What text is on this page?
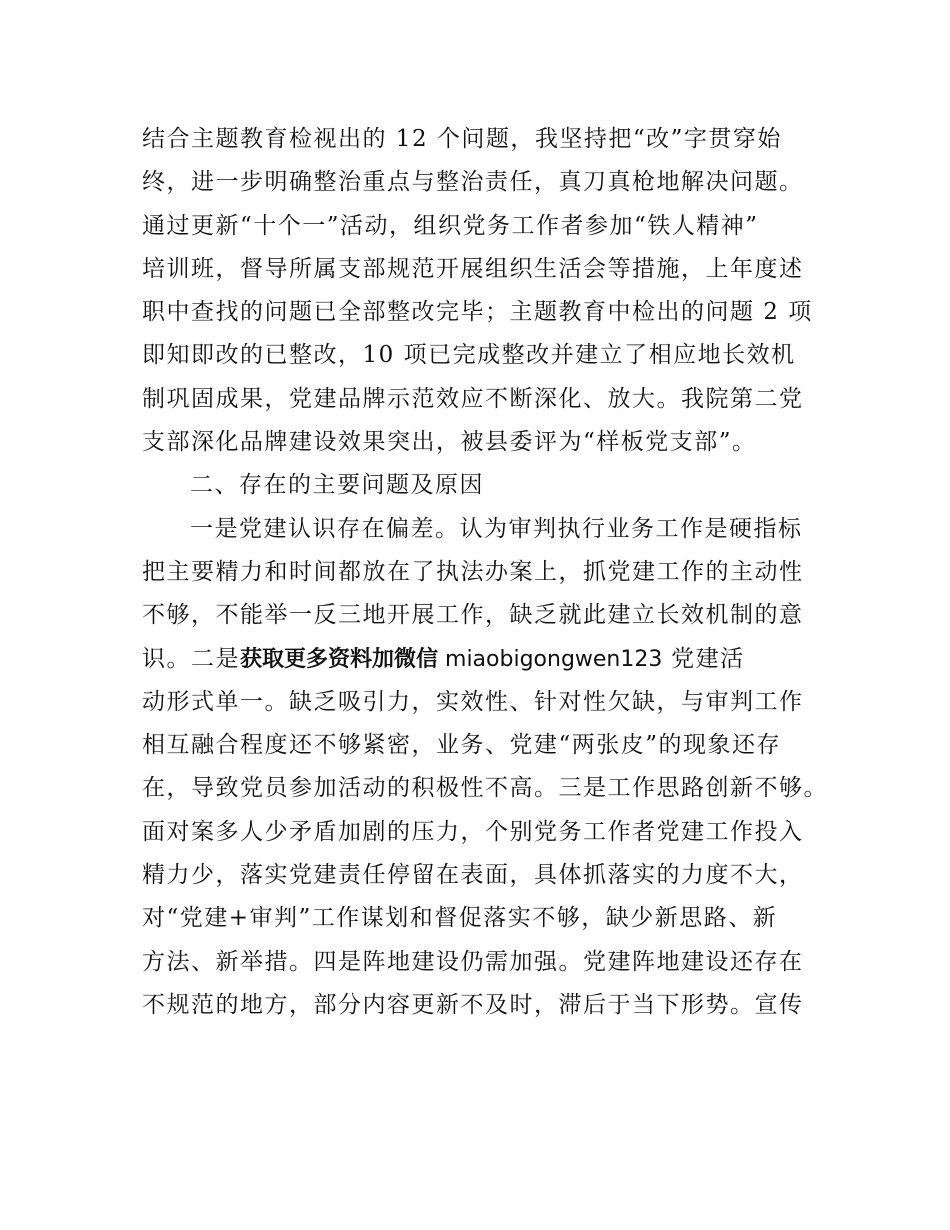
结合主题教育检视出的 12 个问题，我坚持把“改”字贯穿始
终，进一步明确整治重点与整治责任，真刀真枪地解决问题。
通过更新“十个一”活动，组织党务工作者参加“铁人精神”
培训班，督导所属支部规范开展组织生活会等措施，上年度述
职中查找的问题已全部整改完毕；主题教育中检出的问题 2 项
即知即改的已整改，10 项已完成整改并建立了相应地长效机
制巩固成果，党建品牌示范效应不断深化、放大。我院第二党
支部深化品牌建设效果突出，被县委评为“样板党支部”。
二、存在的主要问题及原因
一是党建认识存在偏差。认为审判执行业务工作是硬指标
把主要精力和时间都放在了执法办案上，抓党建工作的主动性
不够，不能举一反三地开展工作，缺乏就此建立长效机制的意
识。二是获取更多资料加微信 miaobigongwen123 党建活
动形式单一。缺乏吸引力，实效性、针对性欠缺，与审判工作
相互融合程度还不够紧密，业务、党建“两张皮”的现象还存
在，导致党员参加活动的积极性不高。三是工作思路创新不够。
面对案多人少矛盾加剧的压力，个别党务工作者党建工作投入
精力少，落实党建责任停留在表面，具体抓落实的力度不大，
对“党建+审判”工作谋划和督促落实不够，缺少新思路、新
方法、新举措。四是阵地建设仍需加强。党建阵地建设还存在
不规范的地方，部分内容更新不及时，滞后于当下形势。宣传
